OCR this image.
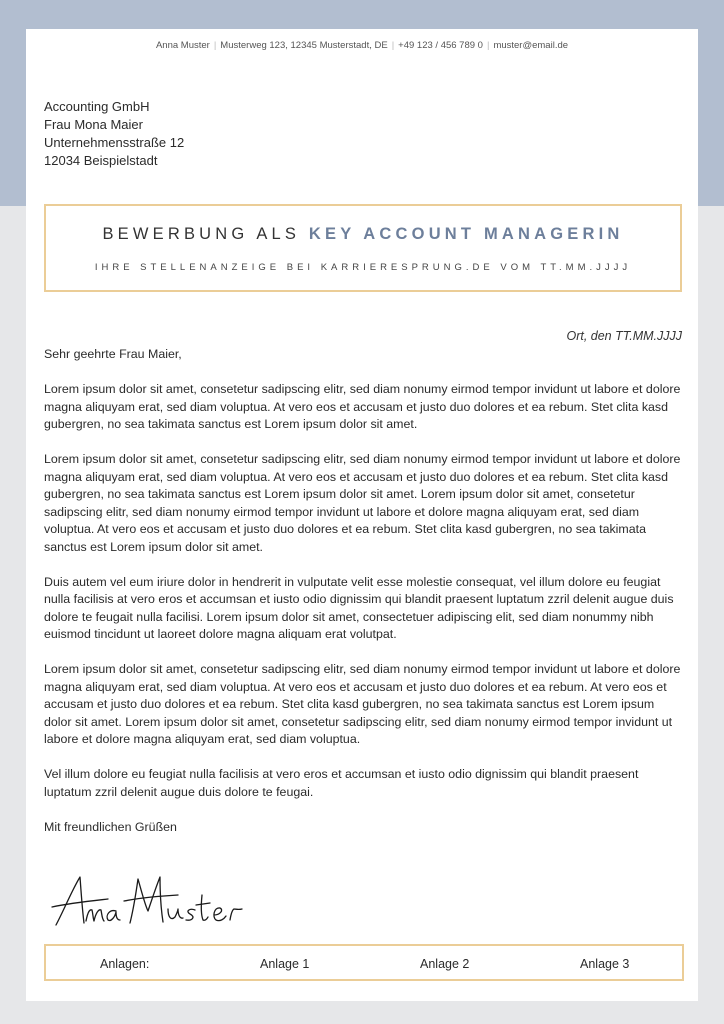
Anna Muster | Musterweg 123, 12345 Musterstadt, DE | +49 123 / 456 789 0 | muster@email.de
Accounting GmbH
Frau Mona Maier
Unternehmensstraße 12
12034 Beispielstadt
BEWERBUNG ALS KEY ACCOUNT MANAGERIN
IHRE STELLENANZEIGE BEI KARRIERESPRUNG.DE VOM TT.MM.JJJJ
Ort, den TT.MM.JJJJ

Sehr geehrte Frau Maier,

Lorem ipsum dolor sit amet, consetetur sadipscing elitr, sed diam nonumy eirmod tempor invidunt ut labore et dolore magna aliquyam erat, sed diam voluptua. At vero eos et accusam et justo duo dolores et ea rebum. Stet clita kasd gubergren, no sea takimata sanctus est Lorem ipsum dolor sit amet.

Lorem ipsum dolor sit amet, consetetur sadipscing elitr, sed diam nonumy eirmod tempor invidunt ut labore et dolore magna aliquyam erat, sed diam voluptua. At vero eos et accusam et justo duo dolores et ea rebum. Stet clita kasd gubergren, no sea takimata sanctus est Lorem ipsum dolor sit amet. Lorem ipsum dolor sit amet, consetetur sadipscing elitr, sed diam nonumy eirmod tempor invidunt ut labore et dolore magna aliquyam erat, sed diam voluptua. At vero eos et accusam et justo duo dolores et ea rebum. Stet clita kasd gubergren, no sea takimata sanctus est Lorem ipsum dolor sit amet.

Duis autem vel eum iriure dolor in hendrerit in vulputate velit esse molestie consequat, vel illum dolore eu feugiat nulla facilisis at vero eros et accumsan et iusto odio dignissim qui blandit praesent luptatum zzril delenit augue duis dolore te feugait nulla facilisi. Lorem ipsum dolor sit amet, consectetuer adipiscing elit, sed diam nonummy nibh euismod tincidunt ut laoreet dolore magna aliquam erat volutpat.

Lorem ipsum dolor sit amet, consetetur sadipscing elitr, sed diam nonumy eirmod tempor invidunt ut labore et dolore magna aliquyam erat, sed diam voluptua. At vero eos et accusam et justo duo dolores et ea rebum. At vero eos et accusam et justo duo dolores et ea rebum. Stet clita kasd gubergren, no sea takimata sanctus est Lorem ipsum dolor sit amet. Lorem ipsum dolor sit amet, consetetur sadipscing elitr, sed diam nonumy eirmod tempor invidunt ut labore et dolore magna aliquyam erat, sed diam voluptua.

Vel illum dolore eu feugiat nulla facilisis at vero eros et accumsan et iusto odio dignissim qui blandit praesent luptatum zzril delenit augue duis dolore te feugai.

Mit freundlichen Grüßen

Anlagen:	Anlage 1	Anlage 2	Anlage 3
